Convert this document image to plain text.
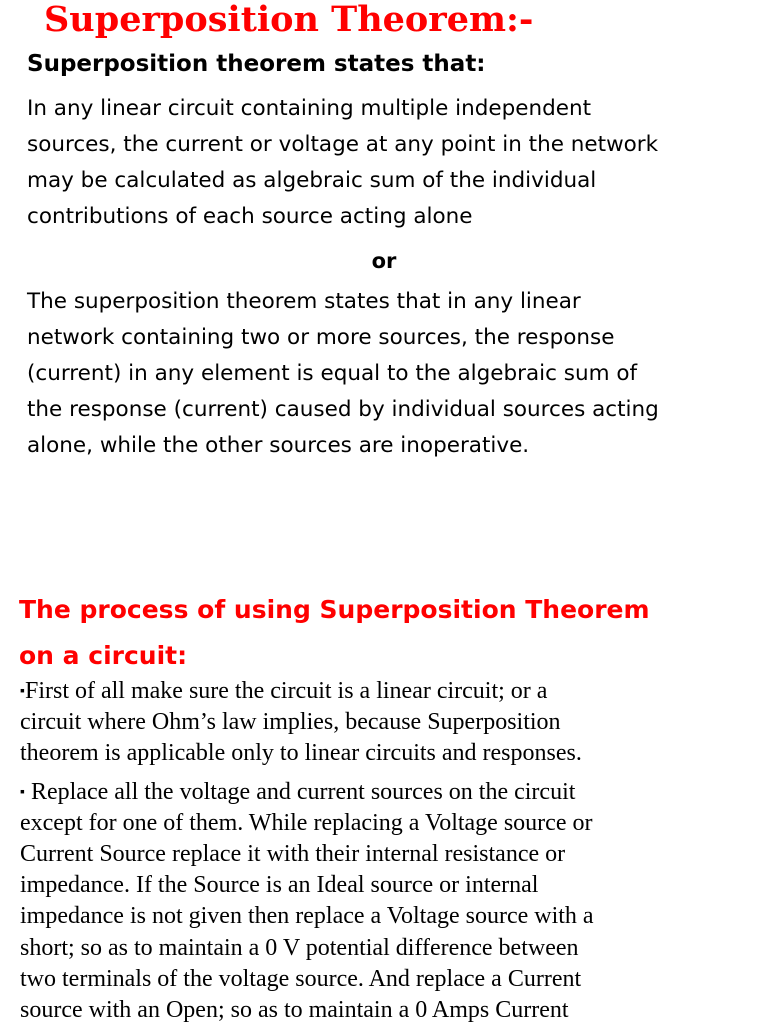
Superposition Theorem:-
Superposition theorem states that:

In any linear circuit containing multiple independent
sources, the current or voltage at any point in the network
may be calculated as algebraic sum of the individual
contributions of each source acting alone

or

The superposition theorem states that in any linear
network containing two or more sources, the response
(current) in any element is equal to the algebraic sum of
the response (current) caused by individual sources acting
alone, while the other sources are inoperative.

The process of using Superposition Theorem
on a circuit:
▪First of all make sure the circuit is a linear circuit; or a
circuit where Ohm’s law implies, because Superposition
theorem is applicable only to linear circuits and responses.
▪ Replace all the voltage and current sources on the circuit
except for one of them. While replacing a Voltage source or
Current Source replace it with their internal resistance or
impedance. If the Source is an Ideal source or internal
impedance is not given then replace a Voltage source with a
short; so as to maintain a 0 V potential difference between
two terminals of the voltage source. And replace a Current
source with an Open; so as to maintain a 0 Amps Current
